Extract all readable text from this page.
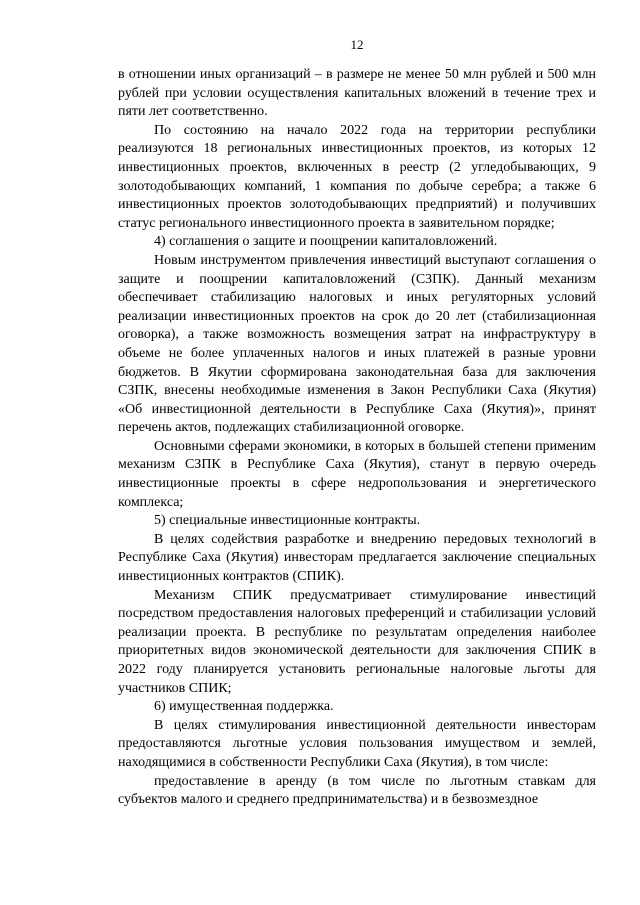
12

в отношении иных организаций – в размере не менее 50 млн рублей и 500 млн рублей при условии осуществления капитальных вложений в течение трех и пяти лет соответственно.

По состоянию на начало 2022 года на территории республики реализуются 18 региональных инвестиционных проектов, из которых 12 инвестиционных проектов, включенных в реестр (2 угледобывающих, 9 золотодобывающих компаний, 1 компания по добыче серебра; а также 6 инвестиционных проектов золотодобывающих предприятий) и получивших статус регионального инвестиционного проекта в заявительном порядке;

4) соглашения о защите и поощрении капиталовложений.

Новым инструментом привлечения инвестиций выступают соглашения о защите и поощрении капиталовложений (СЗПК). Данный механизм обеспечивает стабилизацию налоговых и иных регуляторных условий реализации инвестиционных проектов на срок до 20 лет (стабилизационная оговорка), а также возможность возмещения затрат на инфраструктуру в объеме не более уплаченных налогов и иных платежей в разные уровни бюджетов. В Якутии сформирована законодательная база для заключения СЗПК, внесены необходимые изменения в Закон Республики Саха (Якутия) «Об инвестиционной деятельности в Республике Саха (Якутия)», принят перечень актов, подлежащих стабилизационной оговорке.

Основными сферами экономики, в которых в большей степени применим механизм СЗПК в Республике Саха (Якутия), станут в первую очередь инвестиционные проекты в сфере недропользования и энергетического комплекса;

5) специальные инвестиционные контракты.

В целях содействия разработке и внедрению передовых технологий в Республике Саха (Якутия) инвесторам предлагается заключение специальных инвестиционных контрактов (СПИК).

Механизм СПИК предусматривает стимулирование инвестиций посредством предоставления налоговых преференций и стабилизации условий реализации проекта. В республике по результатам определения наиболее приоритетных видов экономической деятельности для заключения СПИК в 2022 году планируется установить региональные налоговые льготы для участников СПИК;

6) имущественная поддержка.

В целях стимулирования инвестиционной деятельности инвесторам предоставляются льготные условия пользования имуществом и землей, находящимися в собственности Республики Саха (Якутия), в том числе:

предоставление в аренду (в том числе по льготным ставкам для субъектов малого и среднего предпринимательства) и в безвозмездное
